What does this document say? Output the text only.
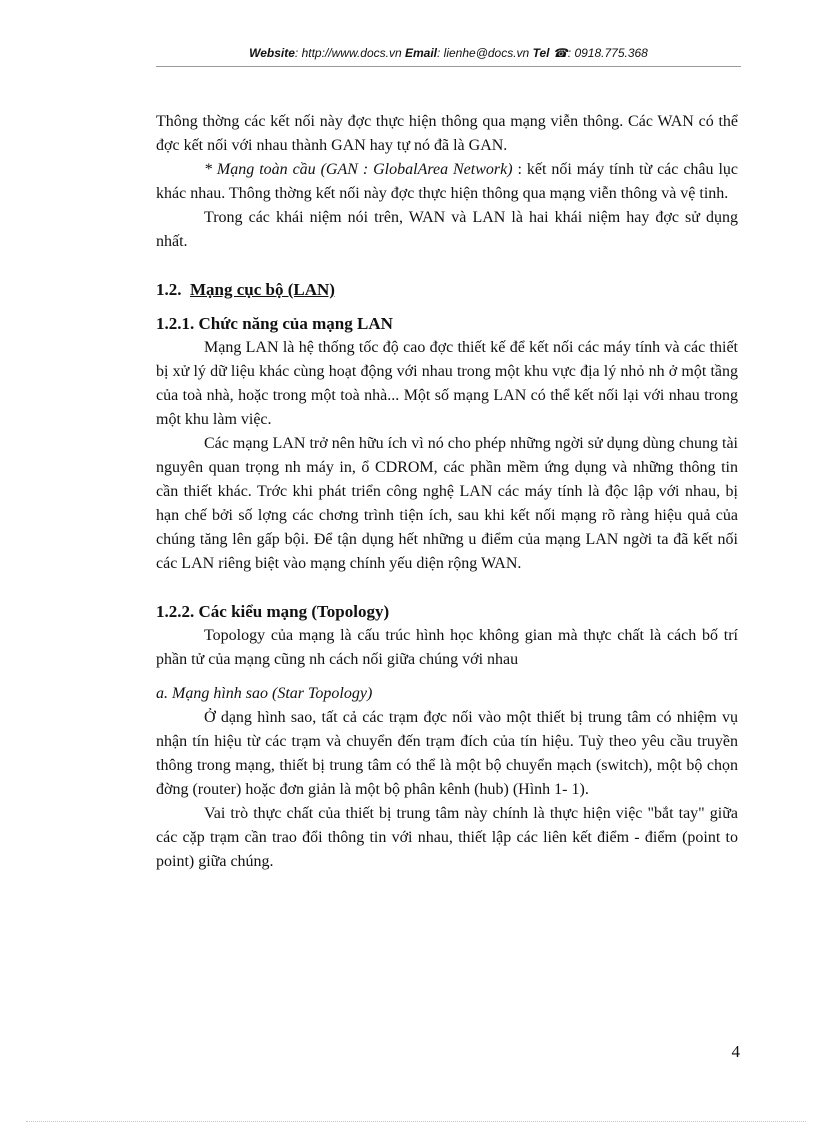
Website: http://www.docs.vn Email: lienhe@docs.vn Tel ☎: 0918.775.368

Thông thờng các kết nối này đợc thực hiện thông qua mạng viễn thông. Các WAN có thể đợc kết nối với nhau thành GAN hay tự nó đã là GAN.

* Mạng toàn cầu (GAN : GlobalArea Network) : kết nối máy tính từ các châu lục khác nhau. Thông thờng kết nối này đợc thực hiện thông qua mạng viễn thông và vệ tinh.

Trong các khái niệm nói trên, WAN và LAN là hai khái niệm hay đợc sử dụng nhất.

1.2. Mạng cục bộ (LAN)

1.2.1. Chức năng của mạng LAN

Mạng LAN là hệ thống tốc độ cao đợc thiết kế để kết nối các máy tính và các thiết bị xử lý dữ liệu khác cùng hoạt động với nhau trong một khu vực địa lý nhỏ nh ở một tầng của toà nhà, hoặc trong một toà nhà... Một số mạng LAN có thể kết nối lại với nhau trong một khu làm việc.

Các mạng LAN trở nên hữu ích vì nó cho phép những ngời sử dụng dùng chung tài nguyên quan trọng nh máy in, ổ CDROM, các phần mềm ứng dụng và những thông tin cần thiết khác. Trớc khi phát triển công nghệ LAN các máy tính là độc lập với nhau, bị hạn chế bởi số lợng các chơng trình tiện ích, sau khi kết nối mạng rõ ràng hiệu quả của chúng tăng lên gấp bội. Để tận dụng hết những u điểm của mạng LAN ngời ta đã kết nối các LAN riêng biệt vào mạng chính yếu diện rộng WAN.

1.2.2. Các kiểu mạng (Topology)

Topology của mạng là cấu trúc hình học không gian mà thực chất là cách bố trí phần tử của mạng cũng nh cách nối giữa chúng với nhau

a. Mạng hình sao (Star Topology)

Ở dạng hình sao, tất cả các trạm đợc nối vào một thiết bị trung tâm có nhiệm vụ nhận tín hiệu từ các trạm và chuyển đến trạm đích của tín hiệu. Tuỳ theo yêu cầu truyền thông trong mạng, thiết bị trung tâm có thể là một bộ chuyển mạch (switch), một bộ chọn đờng (router) hoặc đơn giản là một bộ phân kênh (hub) (Hình 1- 1).

Vai trò thực chất của thiết bị trung tâm này chính là thực hiện việc "bắt tay" giữa các cặp trạm cần trao đổi thông tin với nhau, thiết lập các liên kết điểm - điểm (point to point) giữa chúng.

4
